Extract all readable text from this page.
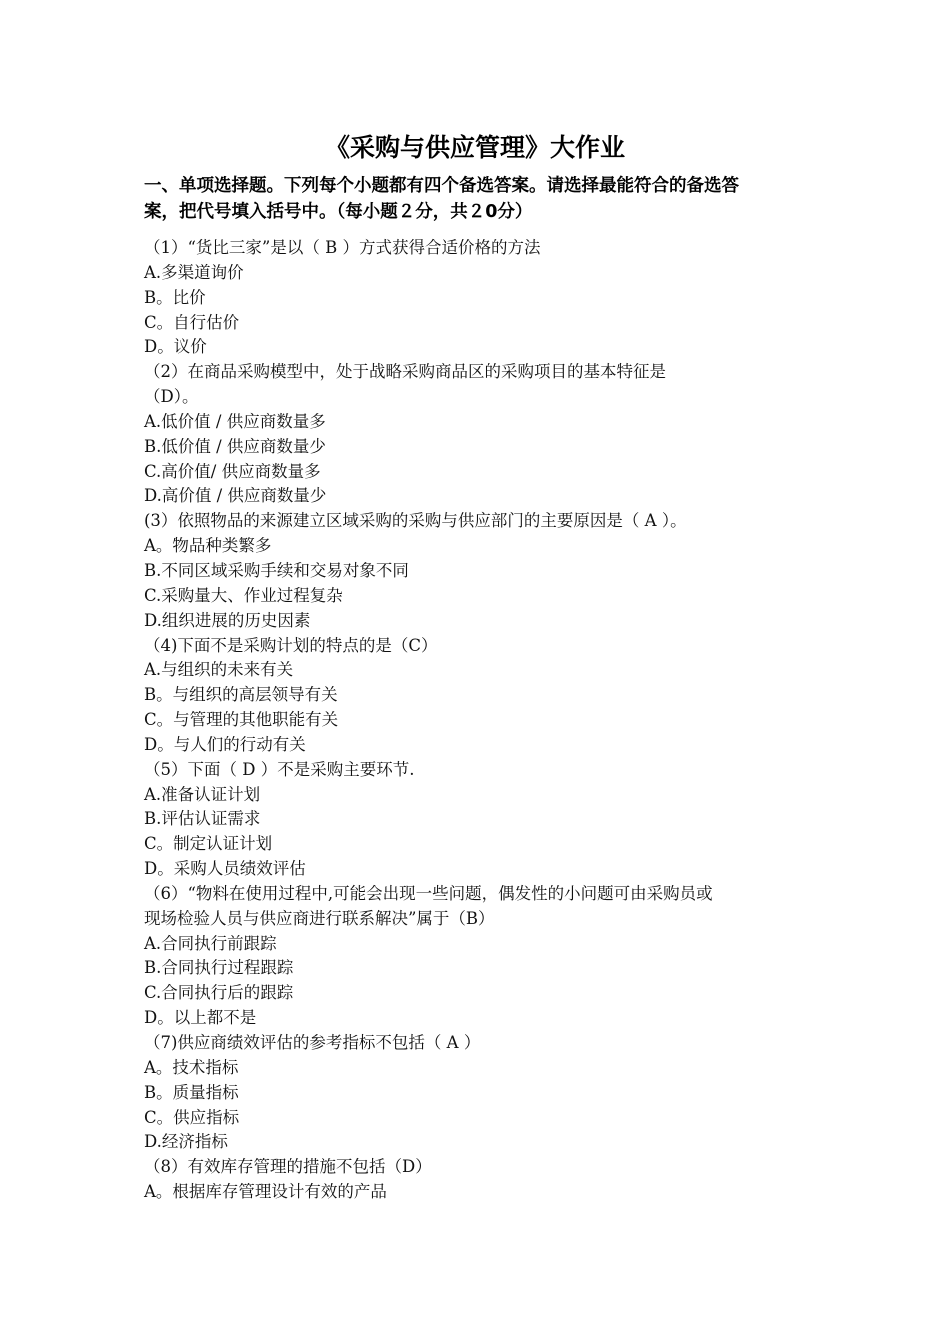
《采购与供应管理》大作业
一、单项选择题。下列每个小题都有四个备选答案。请选择最能符合的备选答
案，把代号填入括号中。（每小题２分，共２0分）
（1）“货比三家”是以（ B ）方式获得合适价格的方法
A.多渠道询价
B。比价
C。自行估价
D。议价
（2）在商品采购模型中，处于战略采购商品区的采购项目的基本特征是
（D）。
A.低价值 / 供应商数量多
B.低价值 / 供应商数量少
C.高价值/ 供应商数量多
D.高价值 / 供应商数量少
(3）依照物品的来源建立区域采购的采购与供应部门的主要原因是（ A ）。
A。物品种类繁多
B.不同区域采购手续和交易对象不同
C.采购量大、作业过程复杂
D.组织进展的历史因素
（4)下面不是采购计划的特点的是（C）
A.与组织的未来有关
B。与组织的高层领导有关
C。与管理的其他职能有关
D。与人们的行动有关
（5）下面（ D ）不是采购主要环节.
A.准备认证计划
B.评估认证需求
C。制定认证计划
D。采购人员绩效评估
（6）“物料在使用过程中,可能会出现一些问题，偶发性的小问题可由采购员或
现场检验人员与供应商进行联系解决”属于（B）
A.合同执行前跟踪
B.合同执行过程跟踪
C.合同执行后的跟踪
D。以上都不是
（7)供应商绩效评估的参考指标不包括（ A ）
A。技术指标
B。质量指标
C。供应指标
D.经济指标
（8）有效库存管理的措施不包括（D）
A。根据库存管理设计有效的产品
